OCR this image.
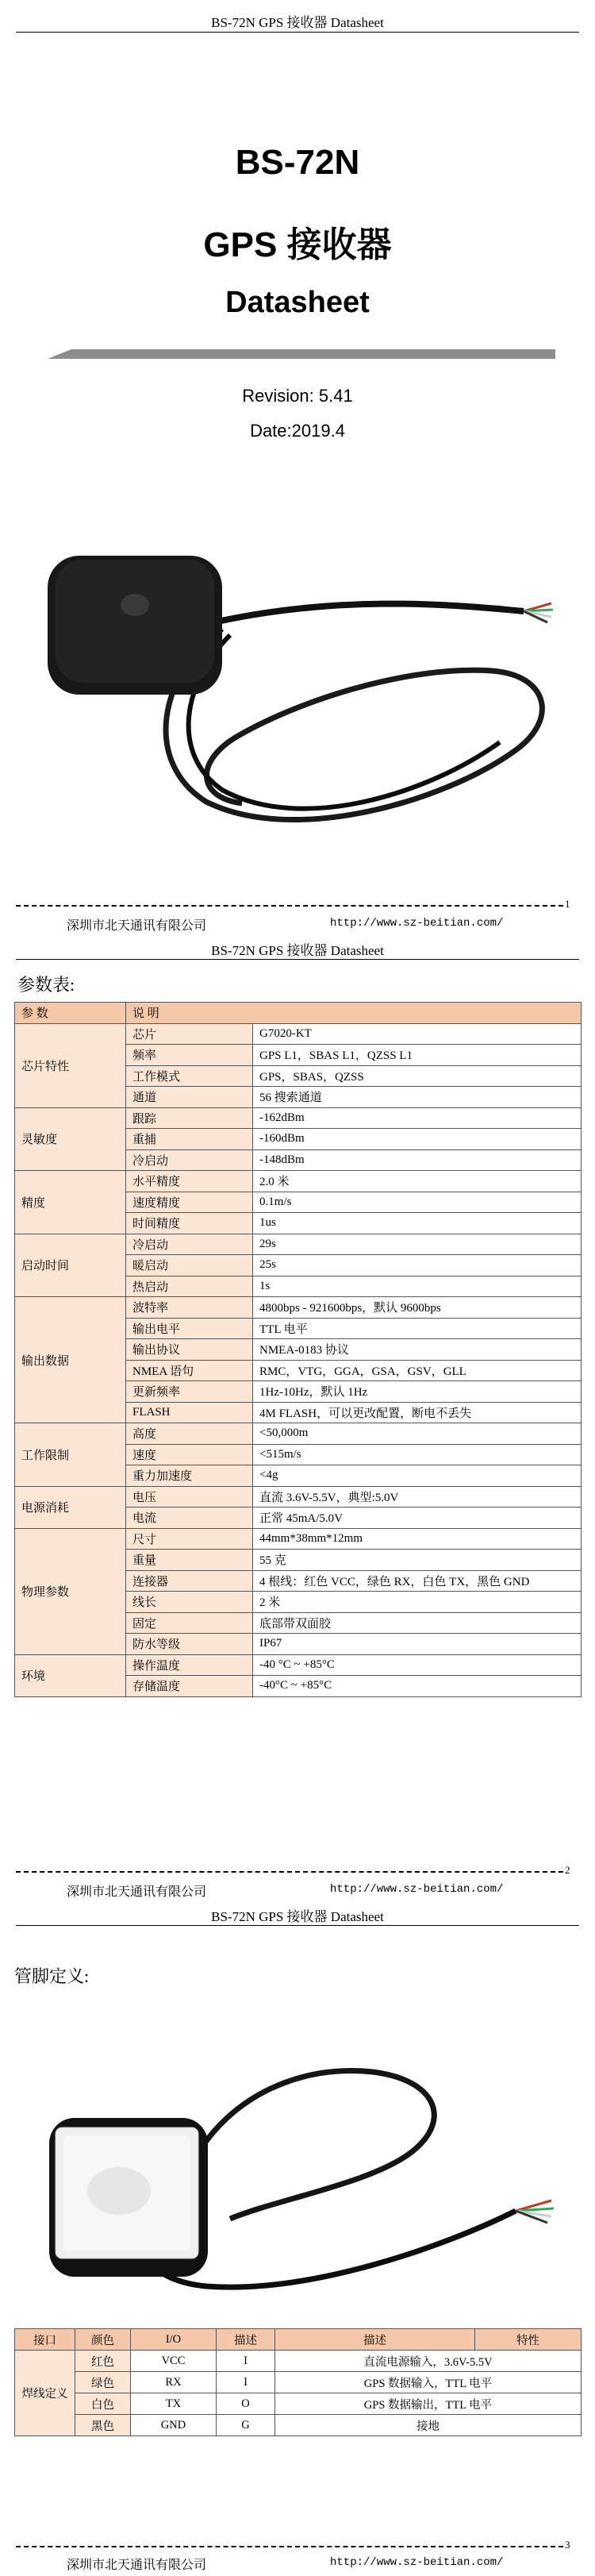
BS-72N GPS 接收器 Datasheet
BS-72N
GPS 接收器
Datasheet
Revision: 5.41
Date:2019.4
1
深圳市北天通讯有限公司	http://www.sz-beitian.com/
BS-72N GPS 接收器 Datasheet
参数表:
参 数	说 明	
芯片特性	芯片	G7020-KT
	频率	GPS L1，SBAS L1，QZSS L1
	工作模式	GPS，SBAS，QZSS
	通道	56 搜索通道
灵敏度	跟踪	-162dBm
	重捕	-160dBm
	冷启动	-148dBm
精度	水平精度	2.0 米
	速度精度	0.1m/s
	时间精度	1us
启动时间	冷启动	29s
	暖启动	25s
	热启动	1s
输出数据	波特率	4800bps - 921600bps，默认 9600bps
	输出电平	TTL 电平
	输出协议	NMEA-0183 协议
	NMEA 语句	RMC，VTG，GGA，GSA，GSV，GLL
	更新频率	1Hz-10Hz，默认 1Hz
	FLASH	4M FLASH，可以更改配置，断电不丢失
工作限制	高度	<50,000m
	速度	<515m/s
	重力加速度	<4g
电源消耗	电压	直流 3.6V-5.5V，典型:5.0V
	电流	正常 45mA/5.0V
物理参数	尺寸	44mm*38mm*12mm
	重量	55 克
	连接器	4 根线：红色 VCC，绿色 RX，白色 TX，黑色 GND
	线长	2 米
	固定	底部带双面胶
	防水等级	IP67
环境	操作温度	-40 °C ~ +85°C
	存储温度	-40°C ~ +85°C
2
深圳市北天通讯有限公司	http://www.sz-beitian.com/
BS-72N GPS 接收器 Datasheet
管脚定义:
接口	颜色	I/O	描述	描述	特性	
焊线定义	红色	VCC	I	直流电源输入，3.6V-5.5V	
	绿色	RX	I	GPS 数据输入，TTL 电平	
	白色	TX	O	GPS 数据输出，TTL 电平	
	黑色	GND	G	接地	
3
深圳市北天通讯有限公司	http://www.sz-beitian.com/
